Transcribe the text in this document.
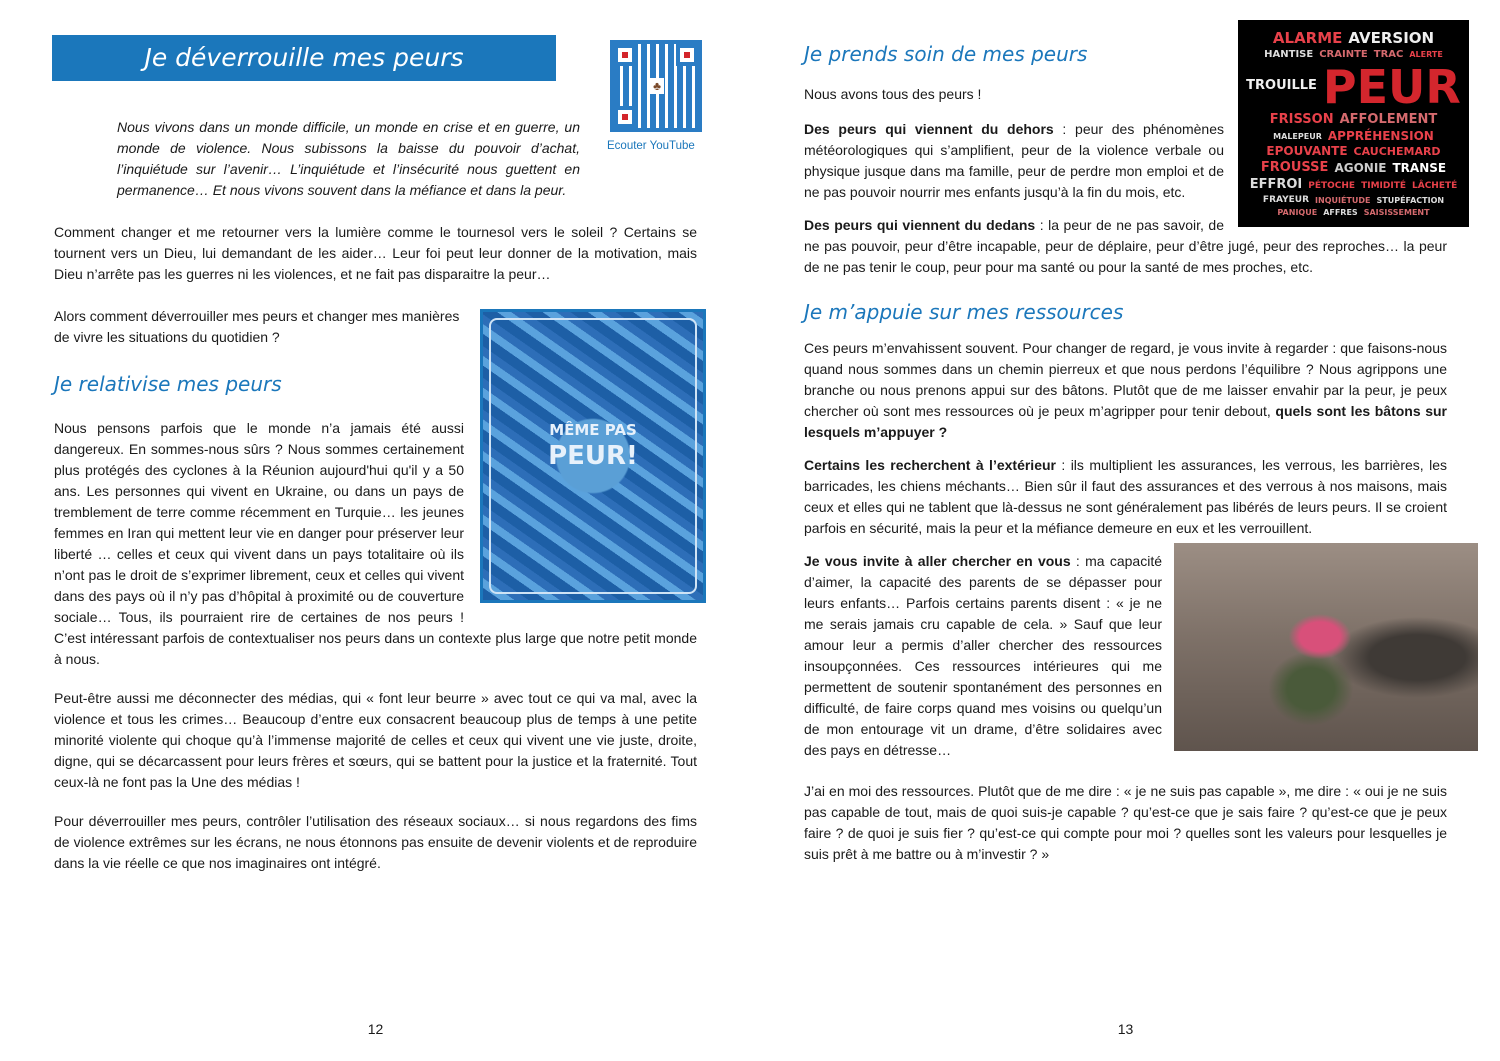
Je déverrouille mes peurs
♣
Ecouter YouTube
Nous vivons dans un monde difficile, un monde en crise et en guerre, un monde de violence. Nous subissons la baisse du pouvoir d’achat, l’inquiétude sur l’avenir… L’inquiétude et l’insécurité nous guettent en permanence… Et nous vivons souvent dans la méfiance et dans la peur.
Comment changer et me retourner vers la lumière comme le tournesol vers le soleil ? Certains se tournent vers un Dieu, lui demandant de les aider… Leur foi peut leur donner de la motivation, mais Dieu n’arrête pas les guerres ni les violences, et ne fait pas disparaitre la peur…
MÊME PAS
PEUR!
Alors comment déverrouiller mes peurs et changer mes manières de vivre les situations du quotidien ?
Je relativise mes peurs
Nous pensons parfois que le monde n’a jamais été aussi dangereux. En sommes-nous sûrs ? Nous sommes certainement plus protégés des cyclones à la Réunion aujourd'hui qu'il y a 50 ans. Les personnes qui vivent en Ukraine, ou dans un pays de tremblement de terre comme récemment en Turquie… les jeunes femmes en Iran qui mettent leur vie en danger pour préserver leur liberté … celles et ceux qui vivent dans un pays totalitaire où ils n’ont pas le droit de s’exprimer librement, ceux et celles qui vivent dans des pays où il n’y pas d’hôpital à proximité ou de couverture sociale… Tous, ils pourraient rire de certaines de nos peurs ! C’est intéressant parfois de contextualiser nos peurs dans un contexte plus large que notre petit monde à nous.
Peut-être aussi me déconnecter des médias, qui « font leur beurre » avec tout ce qui va mal, avec la violence et tous les crimes… Beaucoup d’entre eux consacrent beaucoup plus de temps à une petite minorité violente qui choque qu’à l’immense majorité de celles et ceux qui vivent une vie juste, droite, digne, qui se décarcassent pour leurs frères et sœurs, qui se battent pour la justice et la fraternité. Tout ceux-là ne font pas la Une des médias !
Pour déverrouiller mes peurs, contrôler l’utilisation des réseaux sociaux… si nous regardons des fims de violence extrêmes sur les écrans, ne nous étonnons pas ensuite de devenir violents et de reproduire dans la vie réelle ce que nos imaginaires ont intégré.
12
ALARME AVERSION
HANTISE CRAINTE TRAC ALERTE
TROUILLE PEUR
FRISSON AFFOLEMENT
MALEPEUR APPRÉHENSION
EPOUVANTE CAUCHEMARD
FROUSSE AGONIE TRANSE
EFFROI PÉTOCHE TIMIDITÉ LÂCHETÉ
FRAYEUR INQUIÉTUDE STUPÉFACTION
PANIQUE AFFRES SAISISSEMENT
Je prends soin de mes peurs
Nous avons tous des peurs !
Des peurs qui viennent du dehors : peur des phénomènes météorologiques qui s’amplifient, peur de la violence verbale ou physique jusque dans ma famille, peur de perdre mon emploi et de ne pas pouvoir nourrir mes enfants jusqu’à la fin du mois, etc.
Des peurs qui viennent du dedans : la peur de ne pas savoir, de ne pas pouvoir, peur d’être incapable, peur de déplaire, peur d’être jugé, peur des reproches… la peur de ne pas tenir le coup, peur pour ma santé ou pour la santé de mes proches, etc.
Je m’appuie sur mes ressources
Ces peurs m’envahissent souvent. Pour changer de regard, je vous invite à regarder : que faisons-nous quand nous sommes dans un chemin pierreux et que nous perdons l’équilibre ? Nous agrippons une branche ou nous prenons appui sur des bâtons. Plutôt que de me laisser envahir par la peur, je peux chercher où sont mes ressources où je peux m’agripper pour tenir debout, quels sont les bâtons sur lesquels m’appuyer ?
Certains les recherchent à l’extérieur : ils multiplient les assurances, les verrous, les barrières, les barricades, les chiens méchants… Bien sûr il faut des assurances et des verrous à nos maisons, mais ceux et elles qui ne tablent que là-dessus ne sont généralement pas libérés de leurs peurs. Il se croient parfois en sécurité, mais la peur et la méfiance demeure en eux et les verrouillent.
Je vous invite à aller chercher en vous : ma capacité d’aimer, la capacité des parents de se dépasser pour leurs enfants… Parfois certains parents disent : « je ne me serais jamais cru capable de cela. » Sauf que leur amour leur a permis d’aller chercher des ressources insoupçonnées. Ces ressources intérieures qui me permettent de soutenir spontanément des personnes en difficulté, de faire corps quand mes voisins ou quelqu’un de mon entourage vit un drame, d’être solidaires avec des pays en détresse…
J’ai en moi des ressources. Plutôt que de me dire : « je ne suis pas capable », me dire : « oui je ne suis pas capable de tout, mais de quoi suis-je capable ? qu’est-ce que je sais faire ? qu’est-ce que je peux faire ? de quoi je suis fier ? qu’est-ce qui compte pour moi ? quelles sont les valeurs pour lesquelles je suis prêt à me battre ou à m’investir ? »
13
